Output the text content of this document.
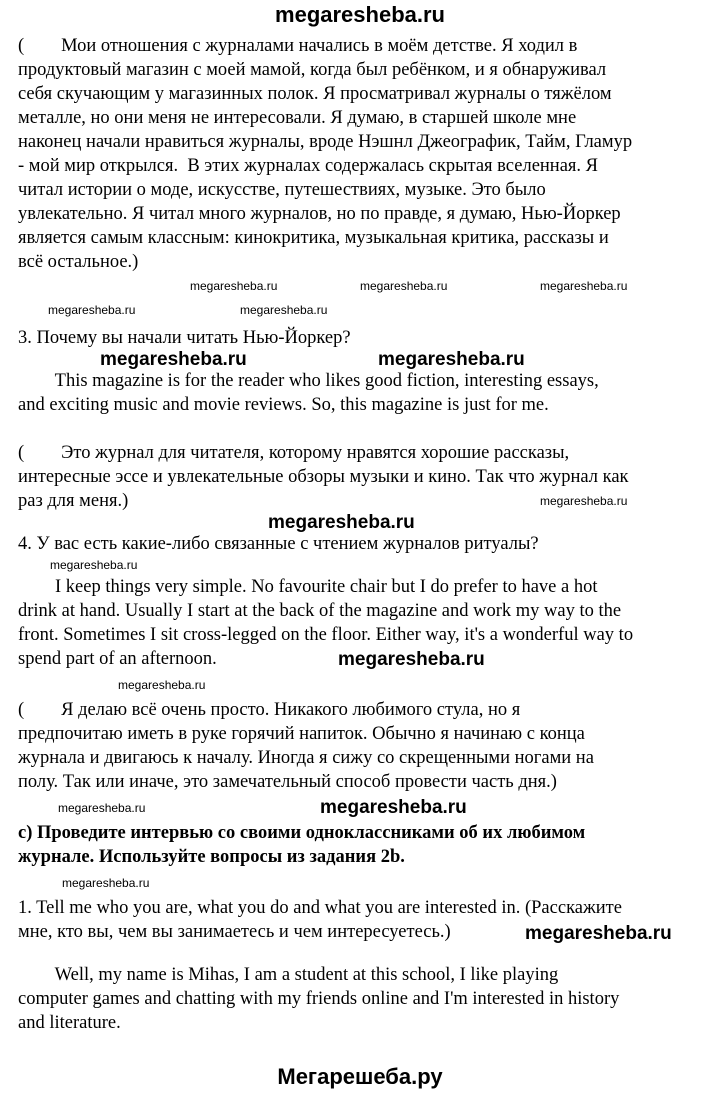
megaresheba.ru
(        Мои отношения с журналами начались в моём детстве. Я ходил в
продуктовый магазин с моей мамой, когда был ребёнком, и я обнаруживал
себя скучающим у магазинных полок. Я просматривал журналы о тяжёлом
металле, но они меня не интересовали. Я думаю, в старшей школе мне
наконец начали нравиться журналы, вроде Нэшнл Джеографик, Тайм, Гламур
- мой мир открылся.  В этих журналах содержалась скрытая вселенная. Я
читал истории о моде, искусстве, путешествиях, музыке. Это было
увлекательно. Я читал много журналов, но по правде, я думаю, Нью-Йоркер
является самым классным: кинокритика, музыкальная критика, рассказы и
всё остальное.)
3. Почему вы начали читать Нью-Йоркер?
This magazine is for the reader who likes good fiction, interesting essays,
and exciting music and movie reviews. So, this magazine is just for me.
(        Это журнал для читателя, которому нравятся хорошие рассказы,
интересные эссе и увлекательные обзоры музыки и кино. Так что журнал как
раз для меня.)
4. У вас есть какие-либо связанные с чтением журналов ритуалы?
I keep things very simple. No favourite chair but I do prefer to have a hot
drink at hand. Usually I start at the back of the magazine and work my way to the
front. Sometimes I sit cross-legged on the floor. Either way, it's a wonderful way to
spend part of an afternoon.
(        Я делаю всё очень просто. Никакого любимого стула, но я
предпочитаю иметь в руке горячий напиток. Обычно я начинаю с конца
журнала и двигаюсь к началу. Иногда я сижу со скрещенными ногами на
полу. Так или иначе, это замечательный способ провести часть дня.)
c) Проведите интервью со своими одноклассниками об их любимом
журнале. Используйте вопросы из задания 2b.
1. Tell me who you are, what you do and what you are interested in. (Расскажите
мне, кто вы, чем вы занимаетесь и чем интересуетесь.)
Well, my name is Mihas, I am a student at this school, I like playing
computer games and chatting with my friends online and I'm interested in history
and literature.
megaresheba.ru	megaresheba.ru	megaresheba.ru
megaresheba.ru	megaresheba.ru
megaresheba.ru	megaresheba.ru
megaresheba.ru
megaresheba.ru
megaresheba.ru
megaresheba.ru
megaresheba.ru
megaresheba.ru
megaresheba.ru
megaresheba.ru
megaresheba.ru
Мегарешеба.ру
